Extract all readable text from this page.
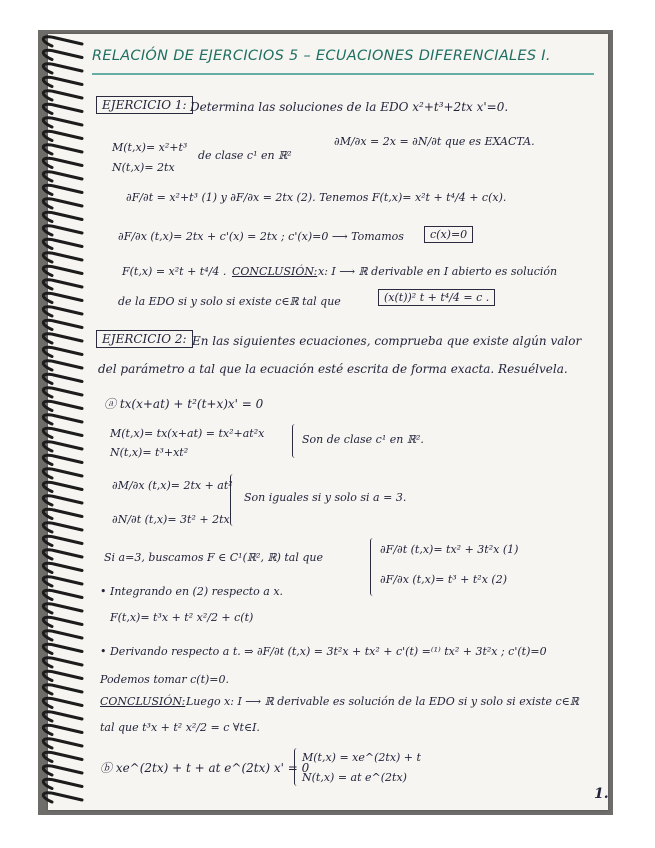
RELACIÓN DE EJERCICIOS 5 – ECUACIONES DIFERENCIALES I.
EJERCICIO 1: Determina las soluciones de la EDO x²+t³+2tx x'=0.
M(t,x)= x²+t³
N(t,x)= 2tx
de clase c¹ en ℝ²
∂M/∂x = 2x = ∂N/∂t que es EXACTA.
∂F/∂t = x²+t³ (1) y ∂F/∂x = 2tx (2). Tenemos F(t,x)= x²t + t⁴/4 + c(x).
∂F/∂x (t,x)= 2tx + c'(x) = 2tx ; c'(x)=0 ⟶ Tomamos	c(x)=0
F(t,x) = x²t + t⁴/4 . CONCLUSIÓN: x: I ⟶ ℝ derivable en I abierto es solución
de la EDO si y solo si existe c∈ℝ tal que	(x(t))² t + t⁴/4 = c .
EJERCICIO 2: En las siguientes ecuaciones, comprueba que existe algún valor
del parámetro a tal que la ecuación esté escrita de forma exacta. Resuélvela.
ⓐ tx(x+at) + t²(t+x)x' = 0
M(t,x)= tx(x+at) = tx²+at²x
N(t,x)= t³+xt²
Son de clase c¹ en ℝ².
∂M/∂x (t,x)= 2tx + at²
∂N/∂t (t,x)= 3t² + 2tx
Son iguales si y solo si a = 3.
Si a=3, buscamos F ∈ C¹(ℝ², ℝ) tal que
∂F/∂t (t,x)= tx² + 3t²x (1)
∂F/∂x (t,x)= t³ + t²x (2)
• Integrando en (2) respecto a x.
F(t,x)= t³x + t² x²/2 + c(t)
• Derivando respecto a t. ⇒ ∂F/∂t (t,x) = 3t²x + tx² + c'(t) =⁽¹⁾ tx² + 3t²x ; c'(t)=0
Podemos tomar c(t)=0.
CONCLUSIÓN: Luego x: I ⟶ ℝ derivable es solución de la EDO si y solo si existe c∈ℝ
tal que t³x + t² x²/2 = c ∀t∈I.
ⓑ xe^(2tx) + t + at e^(2tx) x' = 0
M(t,x) = xe^(2tx) + t
N(t,x) = at e^(2tx)
1.
